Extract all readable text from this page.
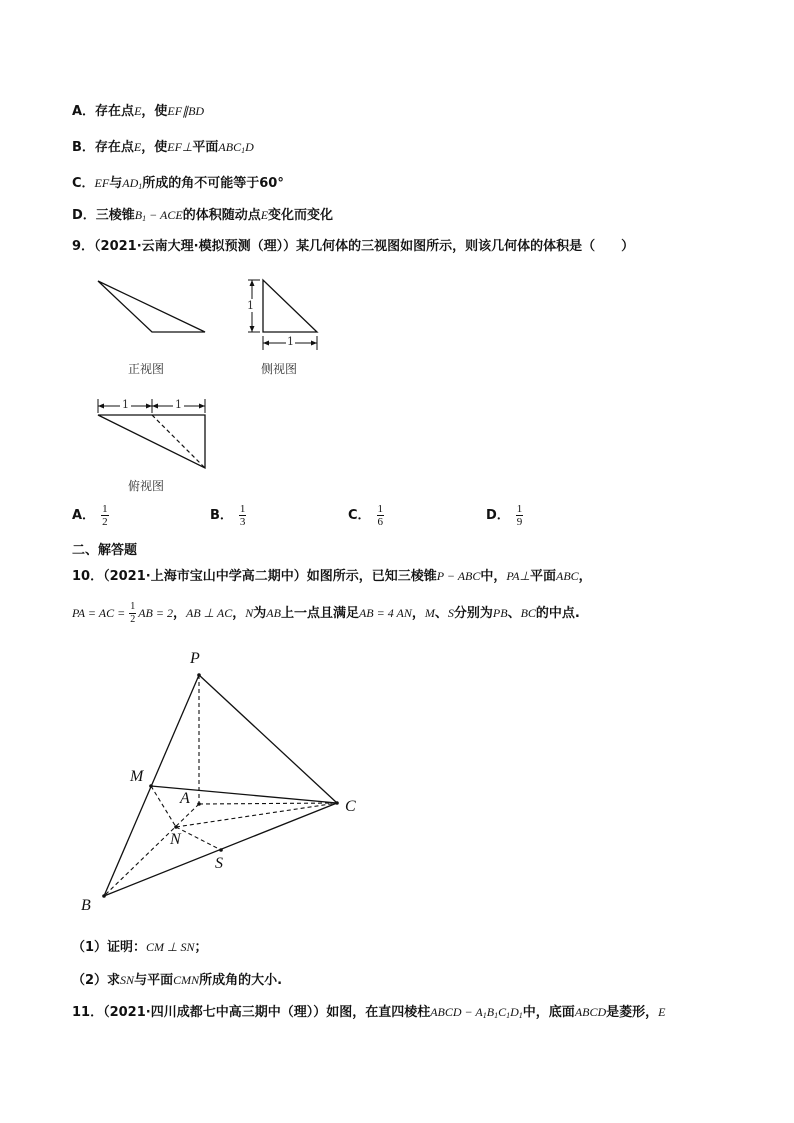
A．存在点E，使EF∥BD
B．存在点E，使EF⊥平面$ABC_1D$
C．EF与$AD_1$所成的角不可能等于60°
D．三棱锥$B_1$ − ACE的体积随动点E变化而变化
9．（2021·云南大理·模拟预测（理））某几何体的三视图如图所示，则该几何体的体积是（　　）
1
1
1	1
正视图	侧视图
俯视图
A． $\frac{1}{2}$	B． $\frac{1}{3}$	C． $\frac{1}{6}$	D． $\frac{1}{9}$
二、解答题
10．（2021·上海市宝山中学高二期中）如图所示，已知三棱锥P − ABC中，PA⊥平面ABC，
PA = AC = $\frac{1}{2}$ AB = 2，AB ⊥ AC，N为AB上一点且满足AB = 4 AN，M、S分别为PB、BC的中点.
P
M
A	C
N
S
B
（1）证明：CM ⊥ SN；
（2）求SN与平面CMN所成角的大小.
11．（2021·四川成都七中高三期中（理））如图，在直四棱柱ABCD − $A_1B_1C_1D_1$中，底面ABCD是菱形，E
